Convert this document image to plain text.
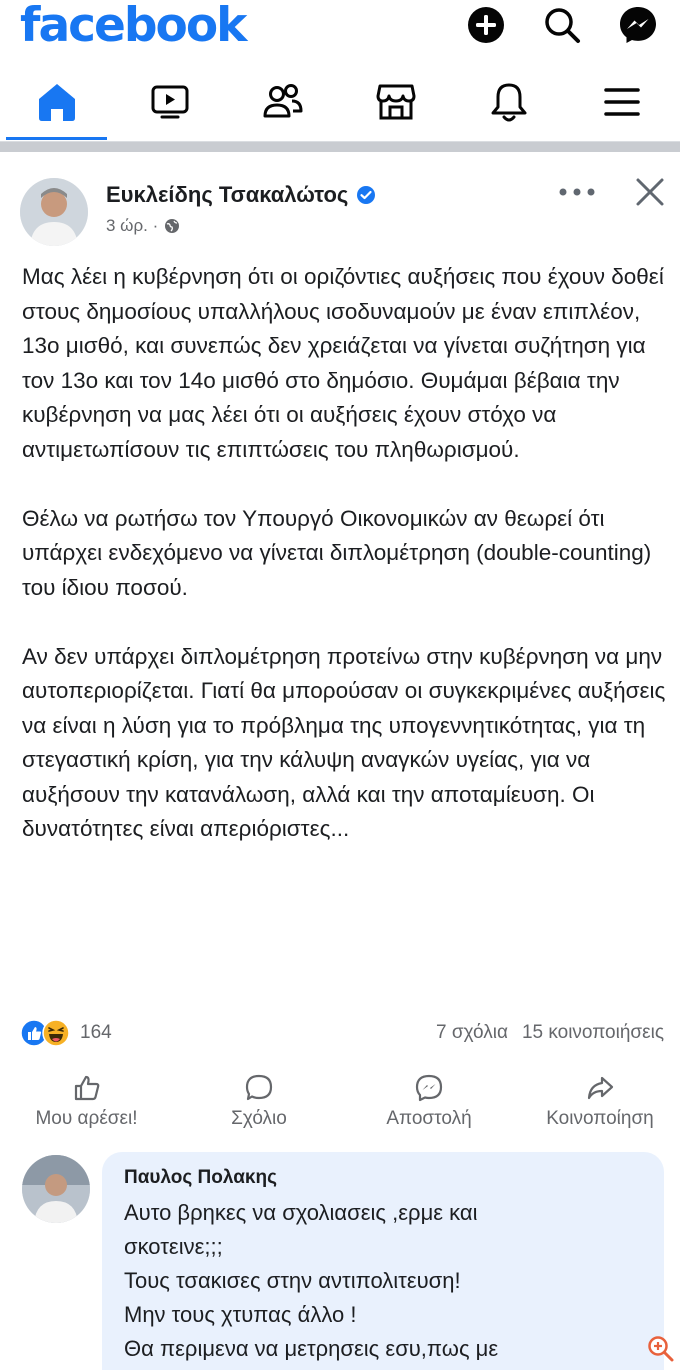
facebook
Ευκλείδης Τσακαλώτος
3 ώρ. ·

Μας λέει η κυβέρνηση ότι οι οριζόντιες αυξήσεις που έχουν δοθεί στους δημοσίους υπαλλήλους ισοδυναμούν με έναν επιπλέον, 13ο μισθό, και συνεπώς δεν χρειάζεται να γίνεται συζήτηση για τον 13ο και τον 14ο μισθό στο δημόσιο. Θυμάμαι βέβαια την κυβέρνηση να μας λέει ότι οι αυξήσεις έχουν στόχο να αντιμετωπίσουν τις επιπτώσεις του πληθωρισμού.

Θέλω να ρωτήσω τον Υπουργό Οικονομικών αν θεωρεί ότι υπάρχει ενδεχόμενο να γίνεται διπλομέτρηση (double-counting) του ίδιου ποσού.

Αν δεν υπάρχει διπλομέτρηση προτείνω στην κυβέρνηση να μην αυτοπεριορίζεται. Γιατί θα μπορούσαν οι συγκεκριμένες αυξήσεις να είναι η λύση για το πρόβλημα της υπογεννητικότητας, για τη στεγαστική κρίση, για την κάλυψη αναγκών υγείας, για να αυξήσουν την κατανάλωση, αλλά και την αποταμίευση. Οι δυνατότητες είναι απεριόριστες...

164	7 σχόλια 15 κοινοποιήσεις
Μου αρέσει!	Σχόλιο	Αποστολή	Κοινοποίηση
Παυλος Πολακης
Αυτο βρηκες να σχολιασεις ,ερμε και
σκοτεινε;;;
Τους τσακισες στην αντιπολιτευση!
Μην τους χτυπας άλλο !
Θα περιμενα να μετρησεις εσυ,πως με
